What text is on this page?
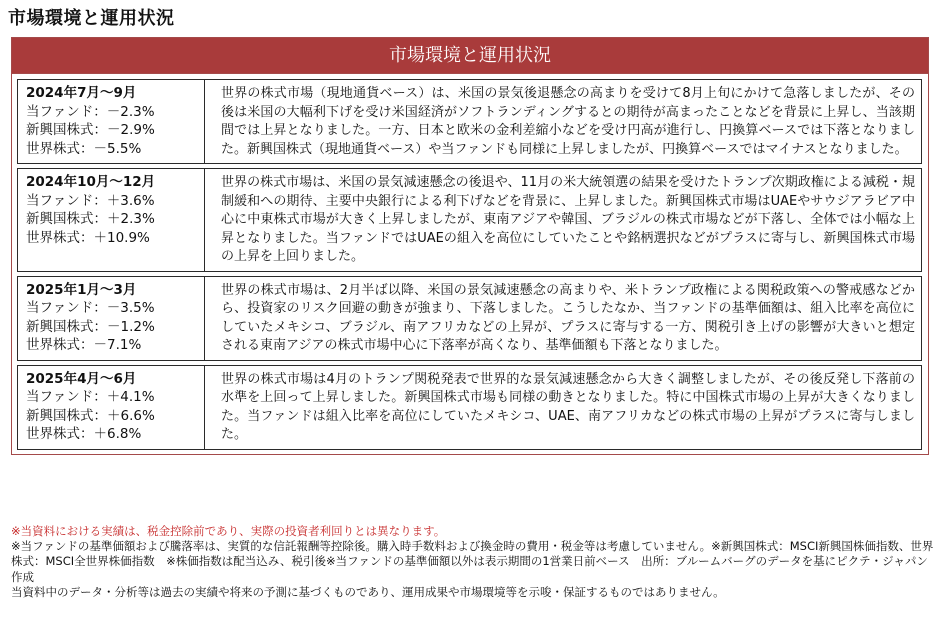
市場環境と運用状況
市場環境と運用状況
2024年7月～9月
当ファンド：－2.3%
新興国株式：－2.9%
世界株式：－5.5%
世界の株式市場（現地通貨ベース）は、米国の景気後退懸念の高まりを受けて8月上旬にかけて急落しましたが、その後は米国の大幅利下げを受け米国経済がソフトランディングするとの期待が高まったことなどを背景に上昇し、当該期間では上昇となりました。一方、日本と欧米の金利差縮小などを受け円高が進行し、円換算ベースでは下落となりました。新興国株式（現地通貨ベース）や当ファンドも同様に上昇しましたが、円換算ベースではマイナスとなりました。
2024年10月～12月
当ファンド：＋3.6%
新興国株式：＋2.3%
世界株式：＋10.9%
世界の株式市場は、米国の景気減速懸念の後退や、11月の米大統領選の結果を受けたトランプ次期政権による減税・規制緩和への期待、主要中央銀行による利下げなどを背景に、上昇しました。新興国株式市場はUAEやサウジアラビア中心に中東株式市場が大きく上昇しましたが、東南アジアや韓国、ブラジルの株式市場などが下落し、全体では小幅な上昇となりました。当ファンドではUAEの組入を高位にしていたことや銘柄選択などがプラスに寄与し、新興国株式市場の上昇を上回りました。
2025年1月～3月
当ファンド：－3.5%
新興国株式：－1.2%
世界株式：－7.1%
世界の株式市場は、2月半ば以降、米国の景気減速懸念の高まりや、米トランプ政権による関税政策への警戒感などから、投資家のリスク回避の動きが強まり、下落しました。こうしたなか、当ファンドの基準価額は、組入比率を高位にしていたメキシコ、ブラジル、南アフリカなどの上昇が、プラスに寄与する一方、関税引き上げの影響が大きいと想定される東南アジアの株式市場中心に下落率が高くなり、基準価額も下落となりました。
2025年4月～6月
当ファンド：＋4.1%
新興国株式：＋6.6%
世界株式：＋6.8%
世界の株式市場は4月のトランプ関税発表で世界的な景気減速懸念から大きく調整しましたが、その後反発し下落前の水準を上回って上昇しました。新興国株式市場も同様の動きとなりました。特に中国株式市場の上昇が大きくなりました。当ファンドは組入比率を高位にしていたメキシコ、UAE、南アフリカなどの株式市場の上昇がプラスに寄与しました。
※当資料における実績は、税金控除前であり、実際の投資者利回りとは異なります。
※当ファンドの基準価額および騰落率は、実質的な信託報酬等控除後。購入時手数料および換金時の費用・税金等は考慮していません。※新興国株式：MSCI新興国株価指数、世界株式：MSCI全世界株価指数　※株価指数は配当込み、税引後※当ファンドの基準価額以外は表示期間の1営業日前ベース　出所：ブルームバーグのデータを基にピクテ・ジャパン作成
当資料中のデータ・分析等は過去の実績や将来の予測に基づくものであり、運用成果や市場環境等を示唆・保証するものではありません。
